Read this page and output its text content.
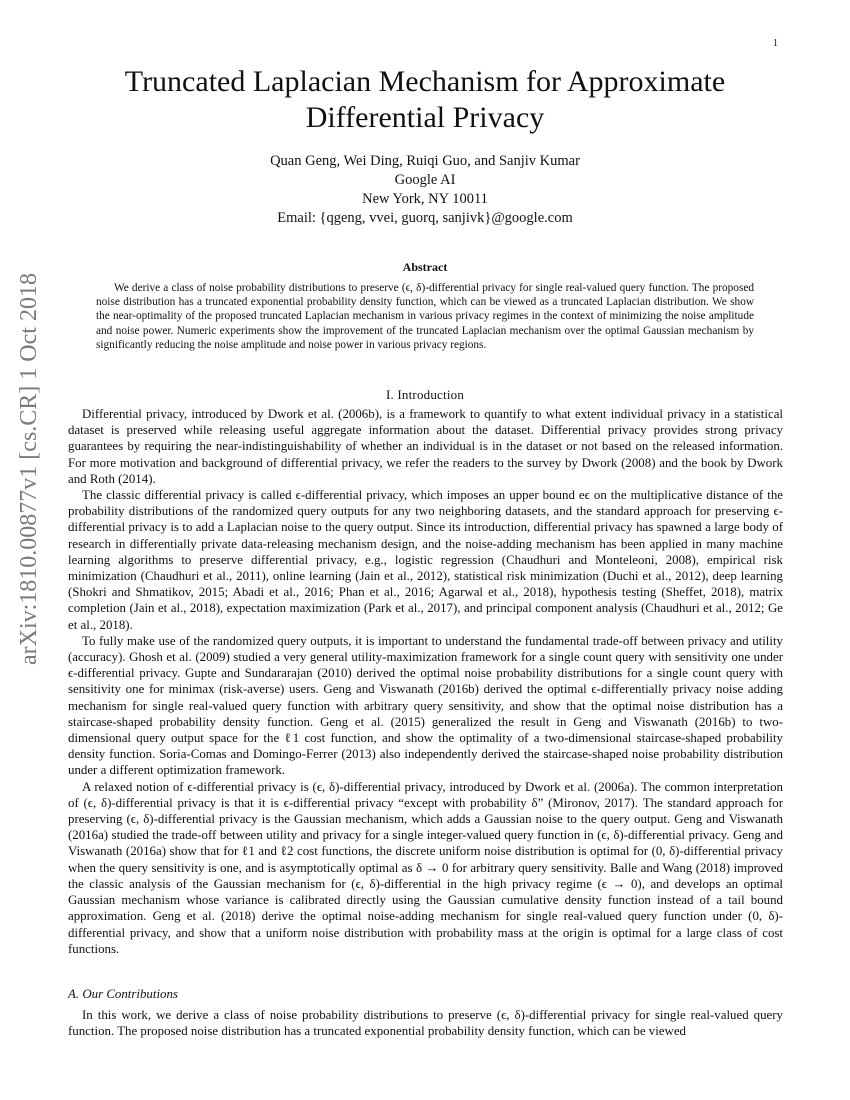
1
arXiv:1810.00877v1 [cs.CR] 1 Oct 2018
Truncated Laplacian Mechanism for Approximate
Differential Privacy
Quan Geng, Wei Ding, Ruiqi Guo, and Sanjiv Kumar
Google AI
New York, NY 10011
Email: {qgeng, vvei, guorq, sanjivk}@google.com
Abstract
We derive a class of noise probability distributions to preserve (ϵ, δ)-differential privacy for single real-valued query function. The proposed noise distribution has a truncated exponential probability density function, which can be viewed as a truncated Laplacian distribution. We show the near-optimality of the proposed truncated Laplacian mechanism in various privacy regimes in the context of minimizing the noise amplitude and noise power. Numeric experiments show the improvement of the truncated Laplacian mechanism over the optimal Gaussian mechanism by significantly reducing the noise amplitude and noise power in various privacy regions.
I. Introduction

Differential privacy, introduced by Dwork et al. (2006b), is a framework to quantify to what extent individual privacy in a statistical dataset is preserved while releasing useful aggregate information about the dataset. Differential privacy provides strong privacy guarantees by requiring the near-indistinguishability of whether an individual is in the dataset or not based on the released information. For more motivation and background of differential privacy, we refer the readers to the survey by Dwork (2008) and the book by Dwork and Roth (2014).

The classic differential privacy is called ϵ-differential privacy, which imposes an upper bound eϵ on the multiplicative distance of the probability distributions of the randomized query outputs for any two neighboring datasets, and the standard approach for preserving ϵ-differential privacy is to add a Laplacian noise to the query output. Since its introduction, differential privacy has spawned a large body of research in differentially private data-releasing mechanism design, and the noise-adding mechanism has been applied in many machine learning algorithms to preserve differential privacy, e.g., logistic regression (Chaudhuri and Monteleoni, 2008), empirical risk minimization (Chaudhuri et al., 2011), online learning (Jain et al., 2012), statistical risk minimization (Duchi et al., 2012), deep learning (Shokri and Shmatikov, 2015; Abadi et al., 2016; Phan et al., 2016; Agarwal et al., 2018), hypothesis testing (Sheffet, 2018), matrix completion (Jain et al., 2018), expectation maximization (Park et al., 2017), and principal component analysis (Chaudhuri et al., 2012; Ge et al., 2018).

To fully make use of the randomized query outputs, it is important to understand the fundamental trade-off between privacy and utility (accuracy). Ghosh et al. (2009) studied a very general utility-maximization framework for a single count query with sensitivity one under ϵ-differential privacy. Gupte and Sundararajan (2010) derived the optimal noise probability distributions for a single count query with sensitivity one for minimax (risk-averse) users. Geng and Viswanath (2016b) derived the optimal ϵ-differentially privacy noise adding mechanism for single real-valued query function with arbitrary query sensitivity, and show that the optimal noise distribution has a staircase-shaped probability density function. Geng et al. (2015) generalized the result in Geng and Viswanath (2016b) to two-dimensional query output space for the ℓ1 cost function, and show the optimality of a two-dimensional staircase-shaped probability density function. Soria-Comas and Domingo-Ferrer (2013) also independently derived the staircase-shaped noise probability distribution under a different optimization framework.

A relaxed notion of ϵ-differential privacy is (ϵ, δ)-differential privacy, introduced by Dwork et al. (2006a). The common interpretation of (ϵ, δ)-differential privacy is that it is ϵ-differential privacy “except with probability δ” (Mironov, 2017). The standard approach for preserving (ϵ, δ)-differential privacy is the Gaussian mechanism, which adds a Gaussian noise to the query output. Geng and Viswanath (2016a) studied the trade-off between utility and privacy for a single integer-valued query function in (ϵ, δ)-differential privacy. Geng and Viswanath (2016a) show that for ℓ1 and ℓ2 cost functions, the discrete uniform noise distribution is optimal for (0, δ)-differential privacy when the query sensitivity is one, and is asymptotically optimal as δ → 0 for arbitrary query sensitivity. Balle and Wang (2018) improved the classic analysis of the Gaussian mechanism for (ϵ, δ)-differential in the high privacy regime (ϵ → 0), and develops an optimal Gaussian mechanism whose variance is calibrated directly using the Gaussian cumulative density function instead of a tail bound approximation. Geng et al. (2018) derive the optimal noise-adding mechanism for single real-valued query function under (0, δ)-differential privacy, and show that a uniform noise distribution with probability mass at the origin is optimal for a large class of cost functions.

A. Our Contributions

In this work, we derive a class of noise probability distributions to preserve (ϵ, δ)-differential privacy for single real-valued query function. The proposed noise distribution has a truncated exponential probability density function, which can be viewed
